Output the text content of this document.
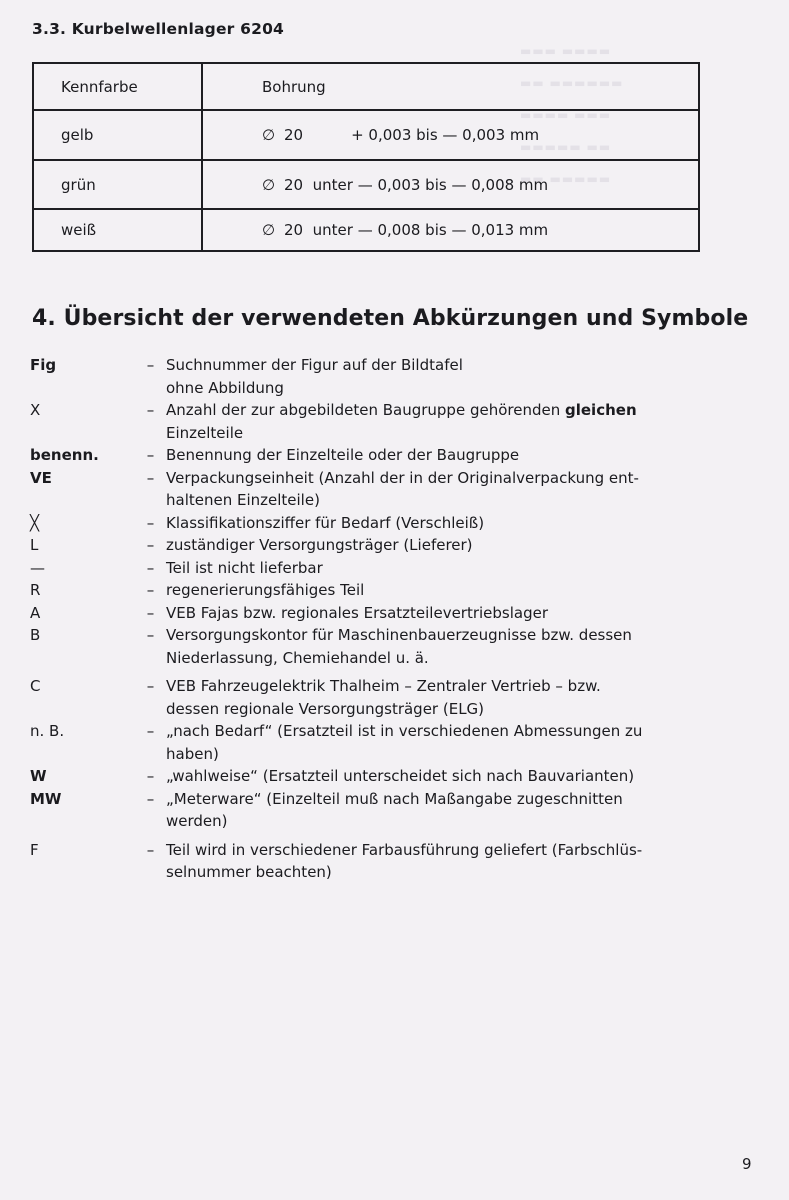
▬▬▬ ▬▬▬▬
▬▬ ▬▬▬▬▬▬
▬▬▬▬ ▬▬▬
▬▬▬▬▬ ▬▬
▬▬ ▬▬▬▬▬
3.3. Kurbelwellenlager 6204
Kennfarbe	Bohrung
gelb	∅ 20 + 0,003 bis — 0,003 mm
grün	∅ 20 unter — 0,003 bis — 0,008 mm
weiß	∅ 20 unter — 0,008 bis — 0,013 mm
4. Übersicht der verwendeten Abkürzungen und Symbole
Fig	– Suchnummer der Figur auf der Bildtafel
ohne Abbildung
X	– Anzahl der zur abgebildeten Baugruppe gehörenden gleichen
Einzelteile
benenn.	– Benennung der Einzelteile oder der Baugruppe
VE	– Verpackungseinheit (Anzahl der in der Originalverpackung ent-
haltenen Einzelteile)
╳	– Klassifikationsziffer für Bedarf (Verschleiß)
L	– zuständiger Versorgungsträger (Lieferer)
—	– Teil ist nicht lieferbar
R	– regenerierungsfähiges Teil
A	– VEB Fajas bzw. regionales Ersatzteilevertriebslager
B	– Versorgungskontor für Maschinenbauerzeugnisse bzw. dessen
Niederlassung, Chemiehandel u. ä.
C	– VEB Fahrzeugelektrik Thalheim – Zentraler Vertrieb – bzw.
dessen regionale Versorgungsträger (ELG)
n. B.	– „nach Bedarf“ (Ersatzteil ist in verschiedenen Abmessungen zu
haben)
W	– „wahlweise“ (Ersatzteil unterscheidet sich nach Bauvarianten)
MW	– „Meterware“ (Einzelteil muß nach Maßangabe zugeschnitten
werden)
F	– Teil wird in verschiedener Farbausführung geliefert (Farbschlüs-
selnummer beachten)
9
